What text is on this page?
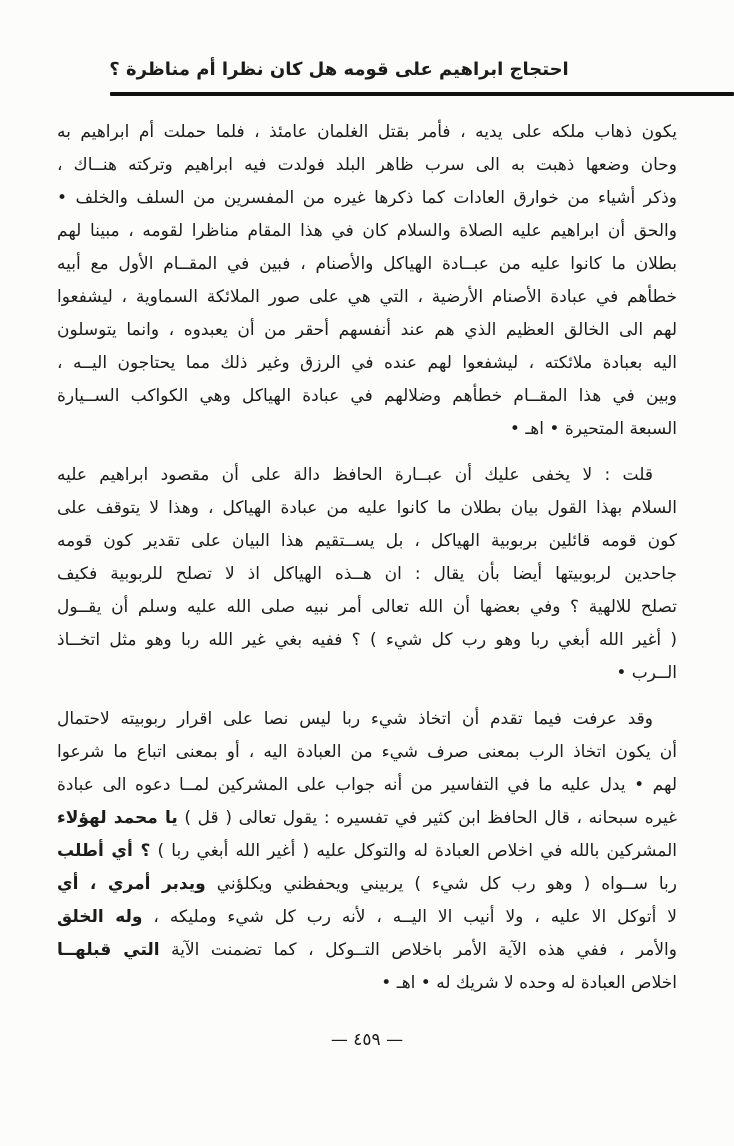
احتجاج ابراهيم على قومه هل كان نظرا أم مناظرة ؟
يكون ذهاب ملكه على يديه ، فأمر بقتل الغلمان عامئذ ، فلما حملت أم ابراهيم به
وحان وضعها ذهبت به الى سرب ظاهر البلد فولدت فيه ابراهيم وتركته هنــاك ،
وذكر أشياء من خوارق العادات كما ذكرها غيره من المفسرين من السلف والخلف •
والحق أن ابراهيم عليه الصلاة والسلام كان في هذا المقام مناظرا لقومه ، مبينا لهم
بطلان ما كانوا عليه من عبــادة الهياكل والأصنام ، فبين في المقــام الأول مع أبيه
خطأهم في عبادة الأصنام الأرضية ، التي هي على صور الملائكة السماوية ، ليشفعوا
لهم الى الخالق العظيم الذي هم عند أنفسهم أحقر من أن يعبدوه ، وانما يتوسلون
اليه بعبادة ملائكته ، ليشفعوا لهم عنده في الرزق وغير ذلك مما يحتاجون اليــه ،
وبين في هذا المقــام خطأهم وضلالهم في عبادة الهياكل وهي الكواكب الســيارة
السبعة المتحيرة • اهـ •
قلت : لا يخفى عليك أن عبــارة الحافظ دالة على أن مقصود ابراهيم عليه
السلام بهذا القول بيان بطلان ما كانوا عليه من عبادة الهياكل ، وهذا لا يتوقف على
كون قومه قائلين بربوبية الهياكل ، بل يســتقيم هذا البيان على تقدير كون قومه
جاحدين لربوبيتها أيضا بأن يقال : ان هــذه الهياكل اذ لا تصلح للربوبية فكيف
تصلح للالهية ؟ وفي بعضها أن الله تعالى أمر نبيه صلى الله عليه وسلم أن يقــول
( أغير الله أبغي ربا وهو رب كل شيء ) ؟ ففيه بغي غير الله ربا وهو مثل اتخــاذ
الــرب •
وقد عرفت فيما تقدم أن اتخاذ شيء ربا ليس نصا على اقرار ربوبيته لاحتمال
أن يكون اتخاذ الرب بمعنى صرف شيء من العبادة اليه ، أو بمعنى اتباع ما شرعوا
لهم • يدل عليه ما في التفاسير من أنه جواب على المشركين لمــا دعوه الى عبادة
غيره سبحانه ، قال الحافظ ابن كثير في تفسيره : يقول تعالى ( قل ) يا محمد لهؤلاء
المشركين بالله في اخلاص العبادة له والتوكل عليه ( أغير الله أبغي ربا ) ؟ أي أطلب
ربا ســواه ( وهو رب كل شيء ) يربيني ويحفظني ويكلؤني ويدبر أمري ، أي
لا أتوكل الا عليه ، ولا أنيب الا اليــه ، لأنه رب كل شيء ومليكه ، وله الخلق
والأمر ، ففي هذه الآية الأمر باخلاص التــوكل ، كما تضمنت الآية التي قبلهــا
اخلاص العبادة له وحده لا شريك له • اهـ •
— ٤٥٩ —
